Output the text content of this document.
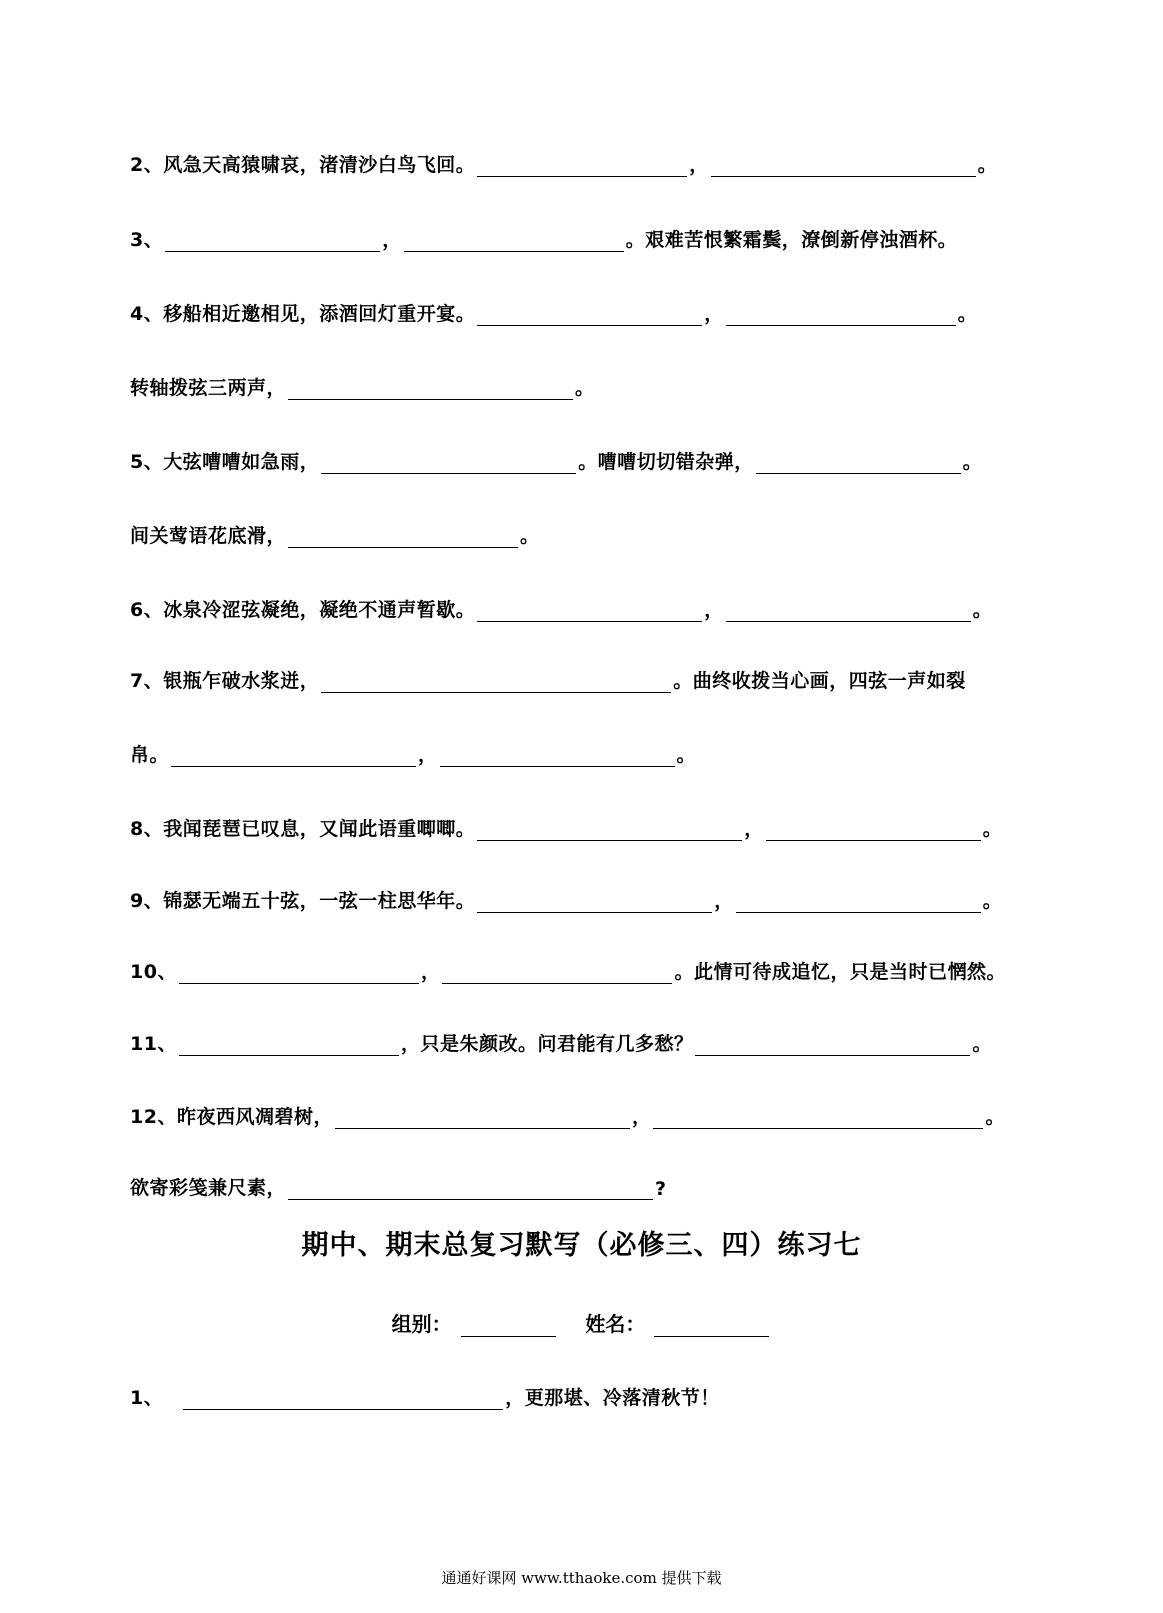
2、风急天高猿啸哀，渚清沙白鸟飞回。	，	。
3、	，	。艰难苦恨繁霜鬓，潦倒新停浊酒杯。
4、移船相近邀相见，添酒回灯重开宴。	，	。
转轴拨弦三两声，	。
5、大弦嘈嘈如急雨，	。嘈嘈切切错杂弹，	。
间关莺语花底滑，	。
6、冰泉冷涩弦凝绝，凝绝不通声暂歇。	，	。
7、银瓶乍破水浆迸，	。曲终收拨当心画，四弦一声如裂
帛。	，	。
8、我闻琵琶已叹息，又闻此语重唧唧。	，	。
9、锦瑟无端五十弦，一弦一柱思华年。	，	。
10、	，	。此情可待成追忆，只是当时已惘然。
11、	，只是朱颜改。问君能有几多愁？	。
12、昨夜西风凋碧树，	，	。
欲寄彩笺兼尺素，	?
期中、期末总复习默写（必修三、四）练习七
组别：	姓名：
1、	，更那堪、冷落清秋节！
通通好课网 www.tthaoke.com 提供下载
